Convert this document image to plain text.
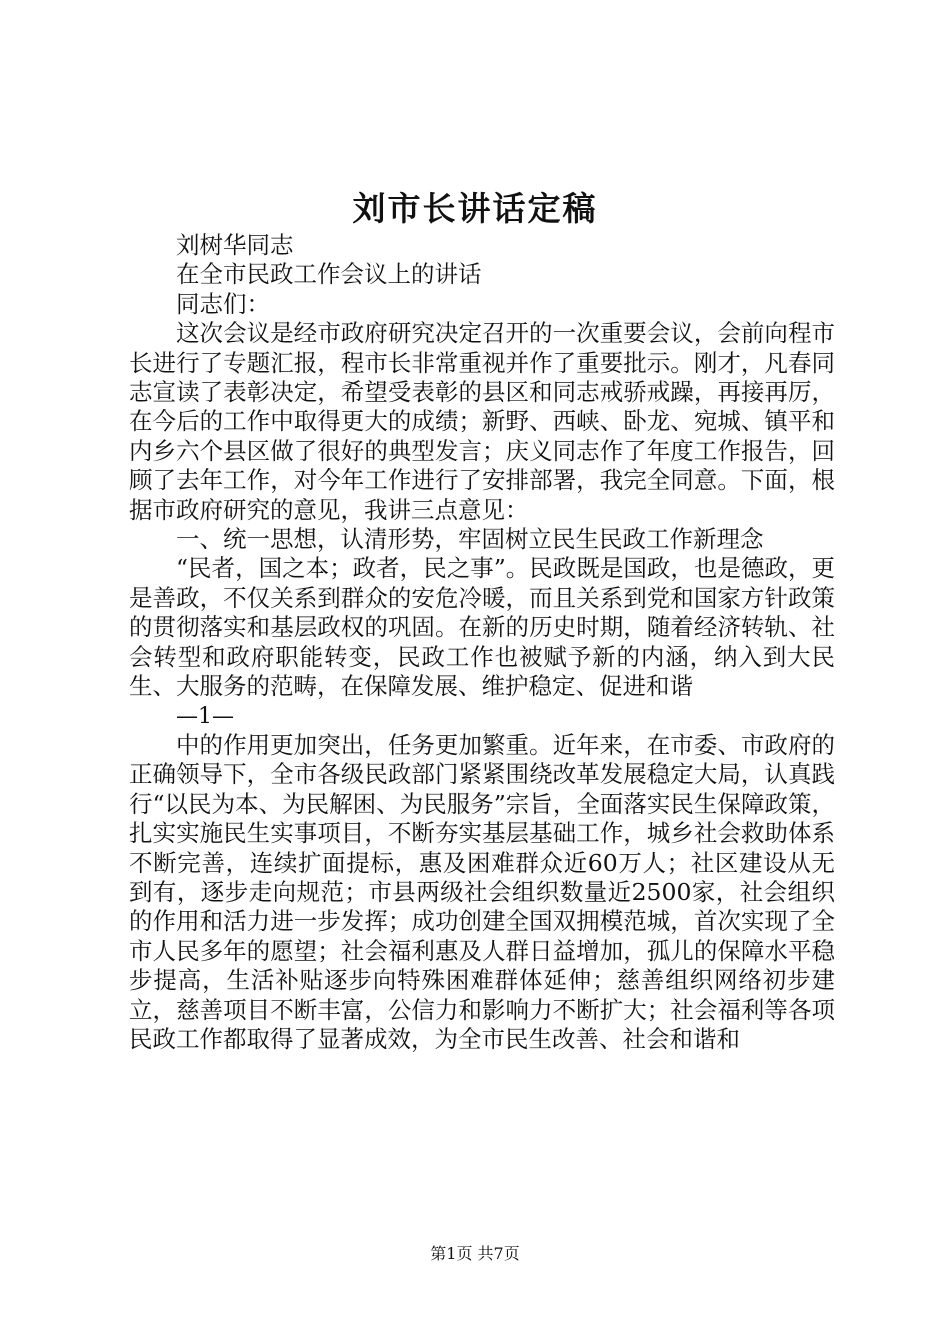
刘市长讲话定稿

刘树华同志

在全市民政工作会议上的讲话

同志们：

这次会议是经市政府研究决定召开的一次重要会议，会前向程市长进行了专题汇报，程市长非常重视并作了重要批示。刚才，凡春同志宣读了表彰决定，希望受表彰的县区和同志戒骄戒躁，再接再厉，在今后的工作中取得更大的成绩；新野、西峡、卧龙、宛城、镇平和内乡六个县区做了很好的典型发言；庆义同志作了年度工作报告，回顾了去年工作，对今年工作进行了安排部署，我完全同意。下面，根据市政府研究的意见，我讲三点意见：

一、统一思想，认清形势，牢固树立民生民政工作新理念

“民者，国之本；政者，民之事”。民政既是国政，也是德政，更是善政，不仅关系到群众的安危冷暖，而且关系到党和国家方针政策的贯彻落实和基层政权的巩固。在新的历史时期，随着经济转轨、社会转型和政府职能转变，民政工作也被赋予新的内涵，纳入到大民生、大服务的范畴，在保障发展、维护稳定、促进和谐

—1—

中的作用更加突出，任务更加繁重。近年来，在市委、市政府的正确领导下，全市各级民政部门紧紧围绕改革发展稳定大局，认真践行“以民为本、为民解困、为民服务”宗旨，全面落实民生保障政策，扎实实施民生实事项目，不断夯实基层基础工作，城乡社会救助体系不断完善，连续扩面提标，惠及困难群众近60万人；社区建设从无到有，逐步走向规范；市县两级社会组织数量近2500家，社会组织的作用和活力进一步发挥；成功创建全国双拥模范城，首次实现了全市人民多年的愿望；社会福利惠及人群日益增加，孤儿的保障水平稳步提高，生活补贴逐步向特殊困难群体延伸；慈善组织网络初步建立，慈善项目不断丰富，公信力和影响力不断扩大；社会福利等各项民政工作都取得了显著成效，为全市民生改善、社会和谐和

第1页 共7页
